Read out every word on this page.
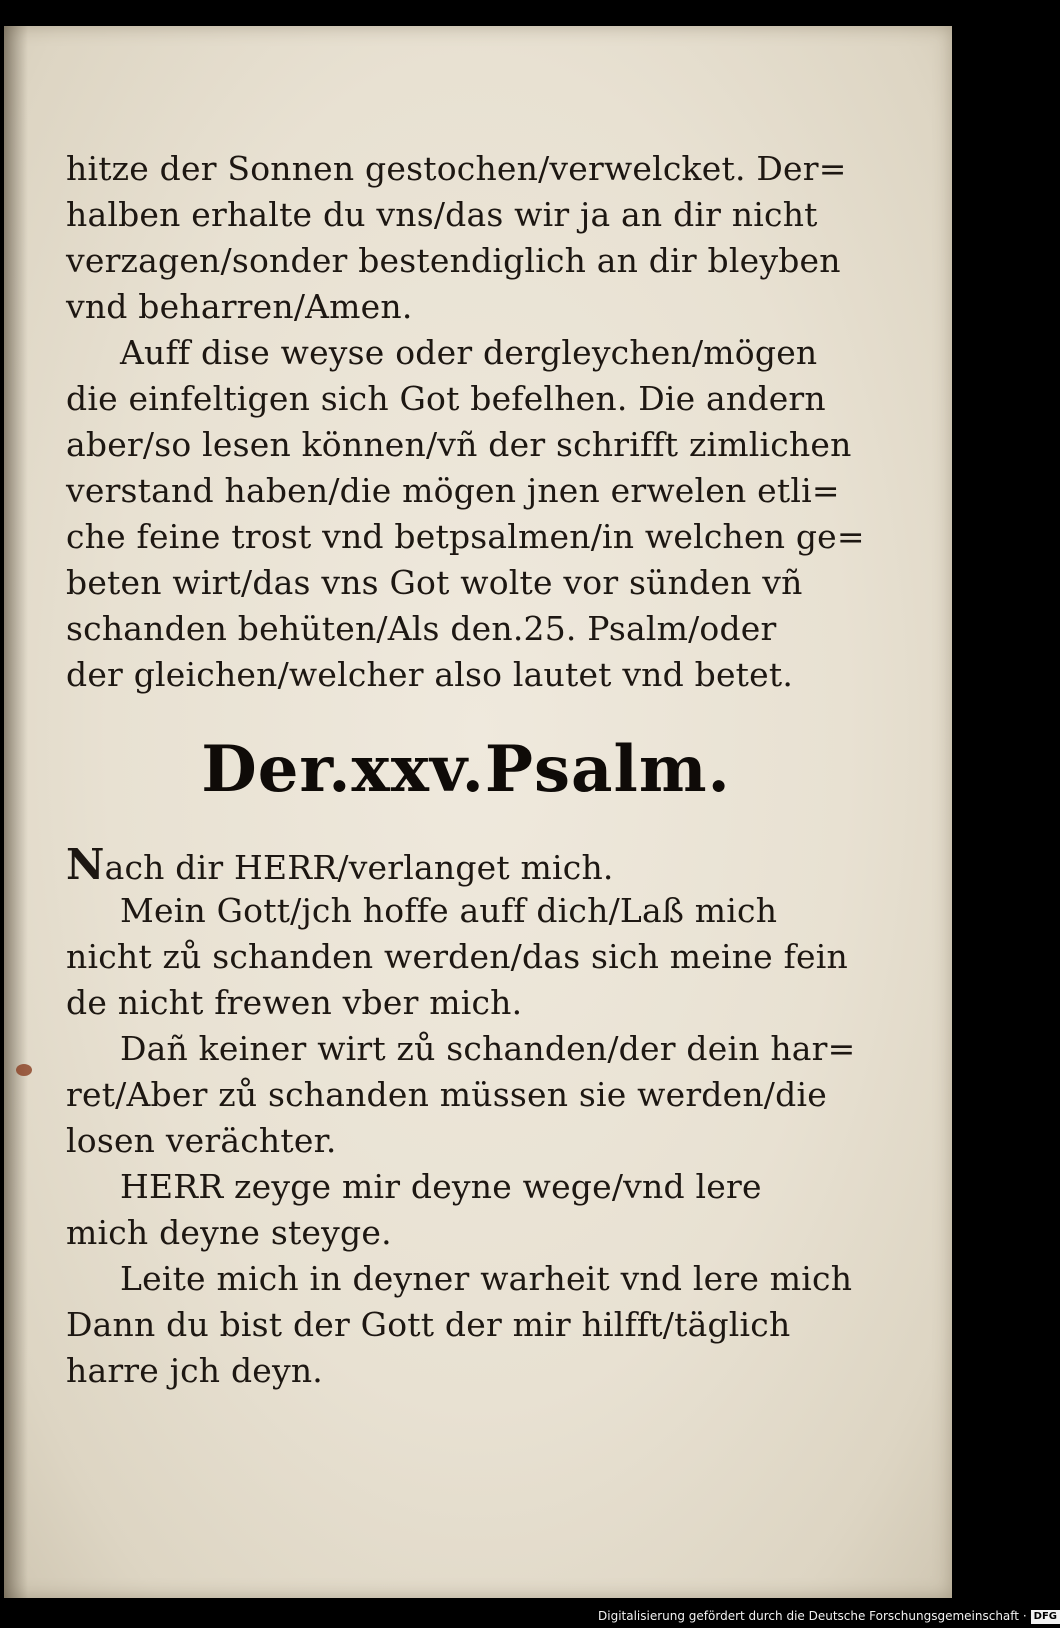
hitze der Sonnen gestochen/verwelcket. Der=
halben erhalte du vns/das wir ja an dir nicht
verzagen/sonder bestendiglich an dir bleyben
vnd beharren/Amen.
Auff dise weyse oder dergleychen/mögen
die einfeltigen sich Got befelhen. Die andern
aber/so lesen können/vñ der schrifft zimlichen
verstand haben/die mögen jnen erwelen etli=
che feine trost vnd betpsalmen/in welchen ge=
beten wirt/das vns Got wolte vor sünden vñ
schanden behüten/Als den.25. Psalm/oder
der gleichen/welcher also lautet vnd betet.
Der.xxv.Psalm.
Nach dir HERR/verlanget mich.
Mein Gott/jch hoffe auff dich/Laß mich
nicht zů schanden werden/das sich meine fein
de nicht frewen vber mich.
Dañ keiner wirt zů schanden/der dein har=
ret/Aber zů schanden müssen sie werden/die
losen verächter.
HERR zeyge mir deyne wege/vnd lere
mich deyne steyge.
Leite mich in deyner warheit vnd lere mich
Dann du bist der Gott der mir hilfft/täglich
harre jch deyn.
Digitalisierung gefördert durch die Deutsche Forschungsgemeinschaft · DFG
